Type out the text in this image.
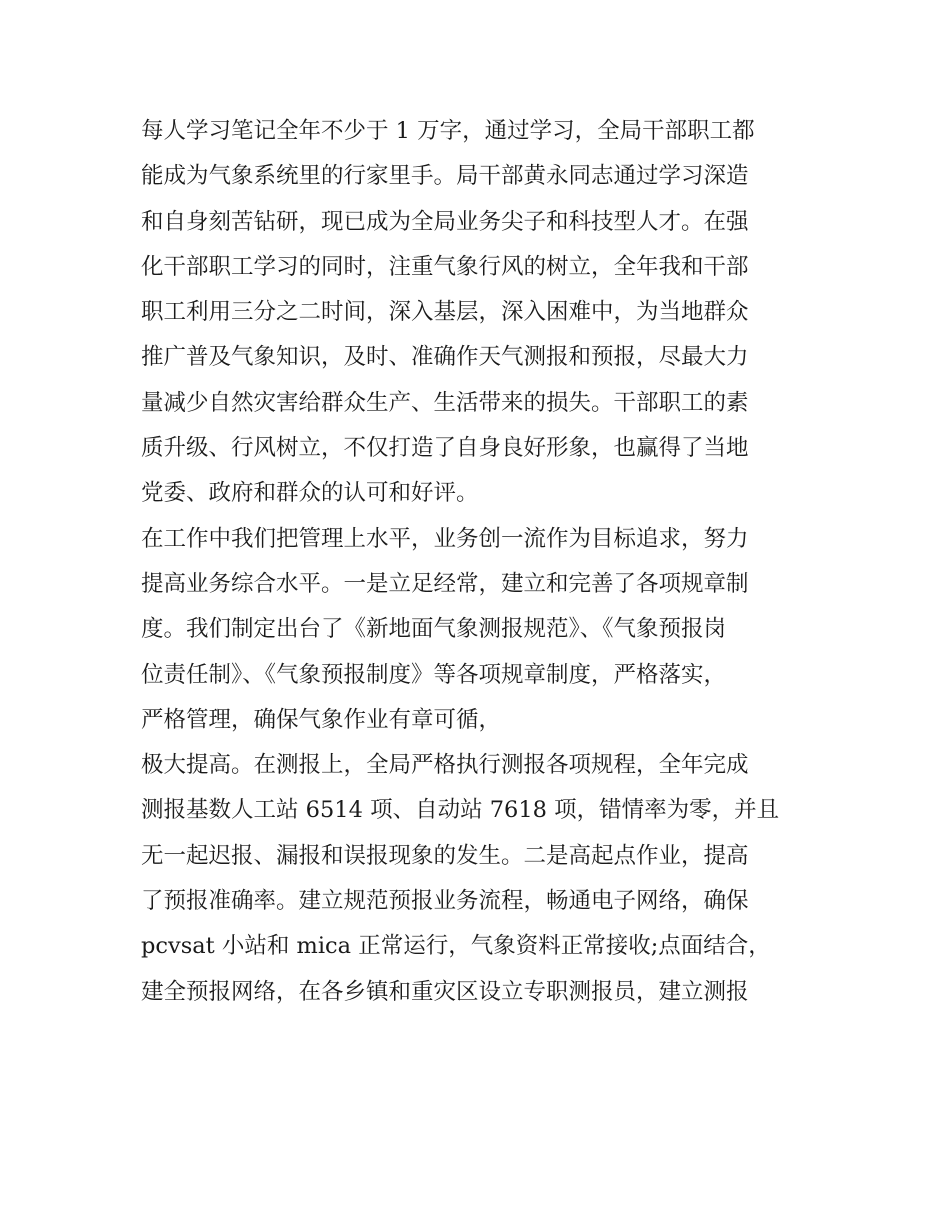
每人学习笔记全年不少于 1 万字，通过学习，全局干部职工都
能成为气象系统里的行家里手。局干部黄永同志通过学习深造
和自身刻苦钻研，现已成为全局业务尖子和科技型人才。在强
化干部职工学习的同时，注重气象行风的树立，全年我和干部
职工利用三分之二时间，深入基层，深入困难中，为当地群众
推广普及气象知识，及时、准确作天气测报和预报，尽最大力
量减少自然灾害给群众生产、生活带来的损失。干部职工的素
质升级、行风树立，不仅打造了自身良好形象，也赢得了当地
党委、政府和群众的认可和好评。
在工作中我们把管理上水平，业务创一流作为目标追求，努力
提高业务综合水平。一是立足经常，建立和完善了各项规章制
度。我们制定出台了《新地面气象测报规范》、《气象预报岗
位责任制》、《气象预报制度》等各项规章制度，严格落实，
严格管理，确保气象作业有章可循，
极大提高。在测报上，全局严格执行测报各项规程，全年完成
测报基数人工站 6514 项、自动站 7618 项，错情率为零，并且
无一起迟报、漏报和误报现象的发生。二是高起点作业，提高
了预报准确率。建立规范预报业务流程，畅通电子网络，确保
pcvsat 小站和 mica 正常运行，气象资料正常接收;点面结合，
建全预报网络，在各乡镇和重灾区设立专职测报员，建立测报
